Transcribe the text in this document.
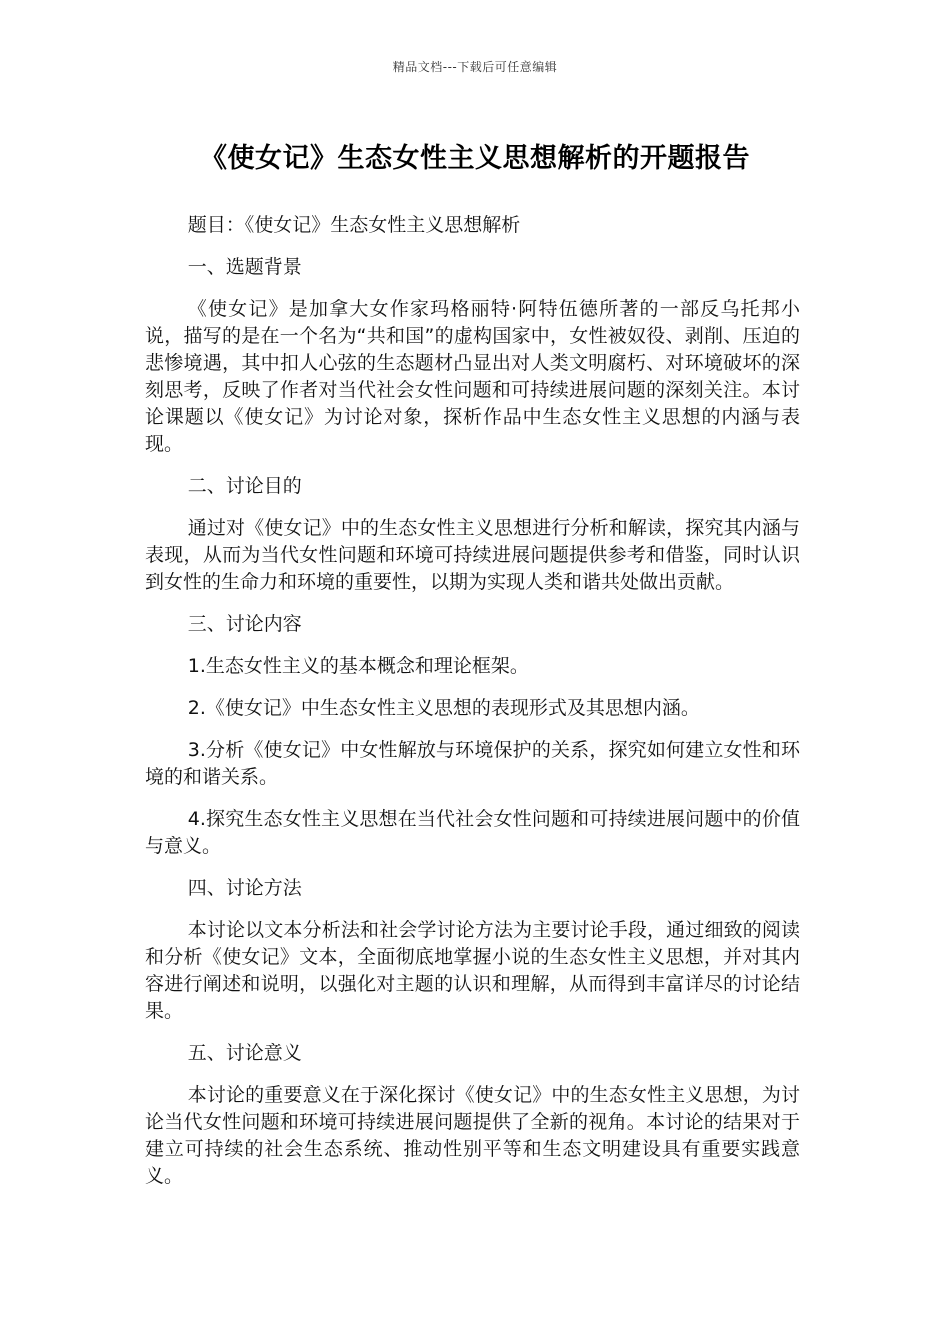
精品文档---下载后可任意编辑
《使女记》生态女性主义思想解析的开题报告

题目：《使女记》生态女性主义思想解析

一、选题背景

《使女记》是加拿大女作家玛格丽特·阿特伍德所著的一部反乌托邦小说，描写的是在一个名为“共和国”的虚构国家中，女性被奴役、剥削、压迫的悲惨境遇，其中扣人心弦的生态题材凸显出对人类文明腐朽、对环境破坏的深刻思考，反映了作者对当代社会女性问题和可持续进展问题的深刻关注。本讨论课题以《使女记》为讨论对象，探析作品中生态女性主义思想的内涵与表现。

二、讨论目的

通过对《使女记》中的生态女性主义思想进行分析和解读，探究其内涵与表现，从而为当代女性问题和环境可持续进展问题提供参考和借鉴，同时认识到女性的生命力和环境的重要性，以期为实现人类和谐共处做出贡献。

三、讨论内容

1.生态女性主义的基本概念和理论框架。

2.《使女记》中生态女性主义思想的表现形式及其思想内涵。

3.分析《使女记》中女性解放与环境保护的关系，探究如何建立女性和环境的和谐关系。

4.探究生态女性主义思想在当代社会女性问题和可持续进展问题中的价值与意义。

四、讨论方法

本讨论以文本分析法和社会学讨论方法为主要讨论手段，通过细致的阅读和分析《使女记》文本，全面彻底地掌握小说的生态女性主义思想，并对其内容进行阐述和说明，以强化对主题的认识和理解，从而得到丰富详尽的讨论结果。

五、讨论意义

本讨论的重要意义在于深化探讨《使女记》中的生态女性主义思想，为讨论当代女性问题和环境可持续进展问题提供了全新的视角。本讨论的结果对于建立可持续的社会生态系统、推动性别平等和生态文明建设具有重要实践意义。
